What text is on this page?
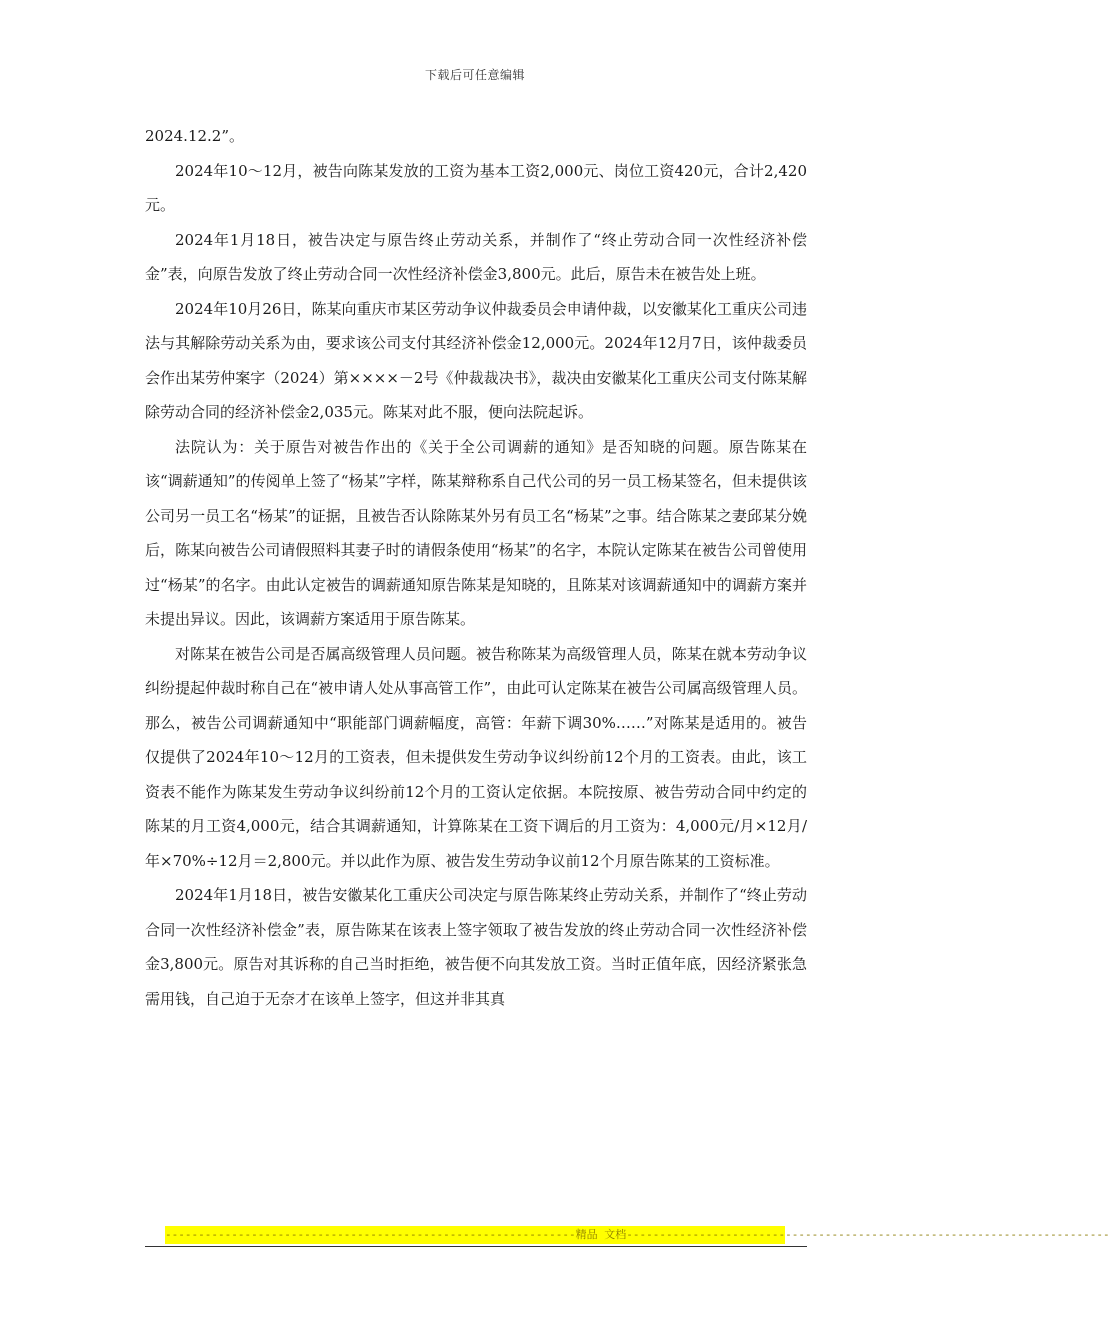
下载后可任意编辑

2024.12.2”。

2024年10～12月，被告向陈某发放的工资为基本工资2,000元、岗位工资420元，合计2,420元。

2024年1月18日，被告决定与原告终止劳动关系，并制作了“终止劳动合同一次性经济补偿金”表，向原告发放了终止劳动合同一次性经济补偿金3,800元。此后，原告未在被告处上班。

2024年10月26日，陈某向重庆市某区劳动争议仲裁委员会申请仲裁，以安徽某化工重庆公司违法与其解除劳动关系为由，要求该公司支付其经济补偿金12,000元。2024年12月7日，该仲裁委员会作出某劳仲案字（2024）第××××－2号《仲裁裁决书》，裁决由安徽某化工重庆公司支付陈某解除劳动合同的经济补偿金2,035元。陈某对此不服，便向法院起诉。

法院认为：关于原告对被告作出的《关于全公司调薪的通知》是否知晓的问题。原告陈某在该“调薪通知”的传阅单上签了“杨某”字样，陈某辩称系自己代公司的另一员工杨某签名，但未提供该公司另一员工名“杨某”的证据，且被告否认除陈某外另有员工名“杨某”之事。结合陈某之妻邱某分娩后，陈某向被告公司请假照料其妻子时的请假条使用“杨某”的名字，本院认定陈某在被告公司曾使用过“杨某”的名字。由此认定被告的调薪通知原告陈某是知晓的，且陈某对该调薪通知中的调薪方案并未提出异议。因此，该调薪方案适用于原告陈某。

对陈某在被告公司是否属高级管理人员问题。被告称陈某为高级管理人员，陈某在就本劳动争议纠纷提起仲裁时称自己在“被申请人处从事高管工作”，由此可认定陈某在被告公司属高级管理人员。那么，被告公司调薪通知中“职能部门调薪幅度，高管：年薪下调30%……”对陈某是适用的。被告仅提供了2024年10～12月的工资表，但未提供发生劳动争议纠纷前12个月的工资表。由此，该工资表不能作为陈某发生劳动争议纠纷前12个月的工资认定依据。本院按原、被告劳动合同中约定的陈某的月工资4,000元，结合其调薪通知，计算陈某在工资下调后的月工资为：4,000元/月×12月/年×70%÷12月＝2,800元。并以此作为原、被告发生劳动争议前12个月原告陈某的工资标准。

2024年1月18日，被告安徽某化工重庆公司决定与原告陈某终止劳动关系，并制作了“终止劳动合同一次性经济补偿金”表，原告陈某在该表上签字领取了被告发放的终止劳动合同一次性经济补偿金3,800元。原告对其诉称的自己当时拒绝，被告便不向其发放工资。当时正值年底，因经济紧张急需用钱，自己迫于无奈才在该单上签字，但这并非其真

--------------------------------------------------------------精品 文档-------------------------------------------------------------------------
